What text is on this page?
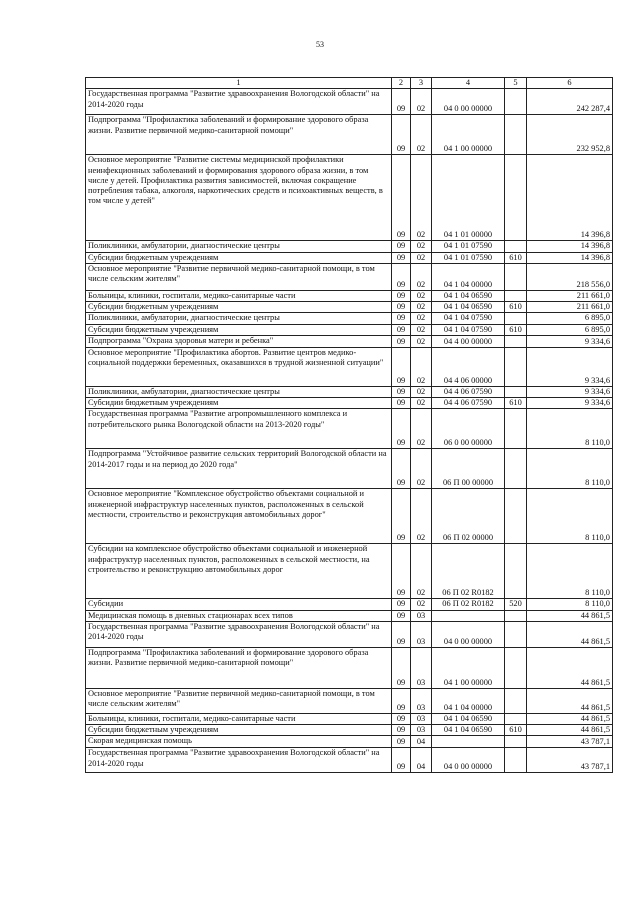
53
1	2	3	4	5	6
Государственная программа "Развитие здравоохранения Вологодской области" на 2014-2020 годы	09	02	04 0 00 00000		242 287,4
Подпрограмма "Профилактика заболеваний и формирование здорового образа жизни. Развитие первичной медико-санитарной помощи"	09	02	04 1 00 00000		232 952,8
Основное мероприятие "Развитие системы медицинской профилактики неинфекционных заболеваний и формирования здорового образа жизни, в том числе у детей. Профилактика развития зависимостей, включая сокращение потребления табака, алкоголя, наркотических средств и психоактивных веществ, в том числе у детей"	09	02	04 1 01 00000		14 396,8
Поликлиники, амбулатории, диагностические центры	09	02	04 1 01 07590		14 396,8
Субсидии бюджетным учреждениям	09	02	04 1 01 07590	610	14 396,8
Основное мероприятие "Развитие первичной медико-санитарной помощи, в том числе сельским жителям"	09	02	04 1 04 00000		218 556,0
Больницы, клиники, госпитали, медико-санитарные части	09	02	04 1 04 06590		211 661,0
Субсидии бюджетным учреждениям	09	02	04 1 04 06590	610	211 661,0
Поликлиники, амбулатории, диагностические центры	09	02	04 1 04 07590		6 895,0
Субсидии бюджетным учреждениям	09	02	04 1 04 07590	610	6 895,0
Подпрограмма "Охрана здоровья матери и ребенка"	09	02	04 4 00 00000		9 334,6
Основное мероприятие "Профилактика абортов. Развитие центров медико-социальной поддержки беременных, оказавшихся в трудной жизненной ситуации"	09	02	04 4 06 00000		9 334,6
Поликлиники, амбулатории, диагностические центры	09	02	04 4 06 07590		9 334,6
Субсидии бюджетным учреждениям	09	02	04 4 06 07590	610	9 334,6
Государственная программа "Развитие агропромышленного комплекса и потребительского рынка Вологодской области на 2013-2020 годы"	09	02	06 0 00 00000		8 110,0
Подпрограмма "Устойчивое развитие сельских территорий Вологодской области на 2014-2017 годы и на период до 2020 года"	09	02	06 П 00 00000		8 110,0
Основное мероприятие "Комплексное обустройство объектами социальной и инженерной инфраструктур населенных пунктов, расположенных в сельской местности, строительство и реконструкция автомобильных дорог"	09	02	06 П 02 00000		8 110,0
Субсидии на комплексное обустройство объектами социальной и инженерной инфраструктур населенных пунктов, расположенных в сельской местности, на строительство и реконструкцию автомобильных дорог	09	02	06 П 02 R0182		8 110,0
Субсидии	09	02	06 П 02 R0182	520	8 110,0
Медицинская помощь в дневных стационарах всех типов	09	03			44 861,5
Государственная программа "Развитие здравоохранения Вологодской области" на 2014-2020 годы	09	03	04 0 00 00000		44 861,5
Подпрограмма "Профилактика заболеваний и формирование здорового образа жизни. Развитие первичной медико-санитарной помощи"	09	03	04 1 00 00000		44 861,5
Основное мероприятие "Развитие первичной медико-санитарной помощи, в том числе сельским жителям"	09	03	04 1 04 00000		44 861,5
Больницы, клиники, госпитали, медико-санитарные части	09	03	04 1 04 06590		44 861,5
Субсидии бюджетным учреждениям	09	03	04 1 04 06590	610	44 861,5
Скорая медицинская помощь	09	04			43 787,1
Государственная программа "Развитие здравоохранения Вологодской области" на 2014-2020 годы	09	04	04 0 00 00000		43 787,1
